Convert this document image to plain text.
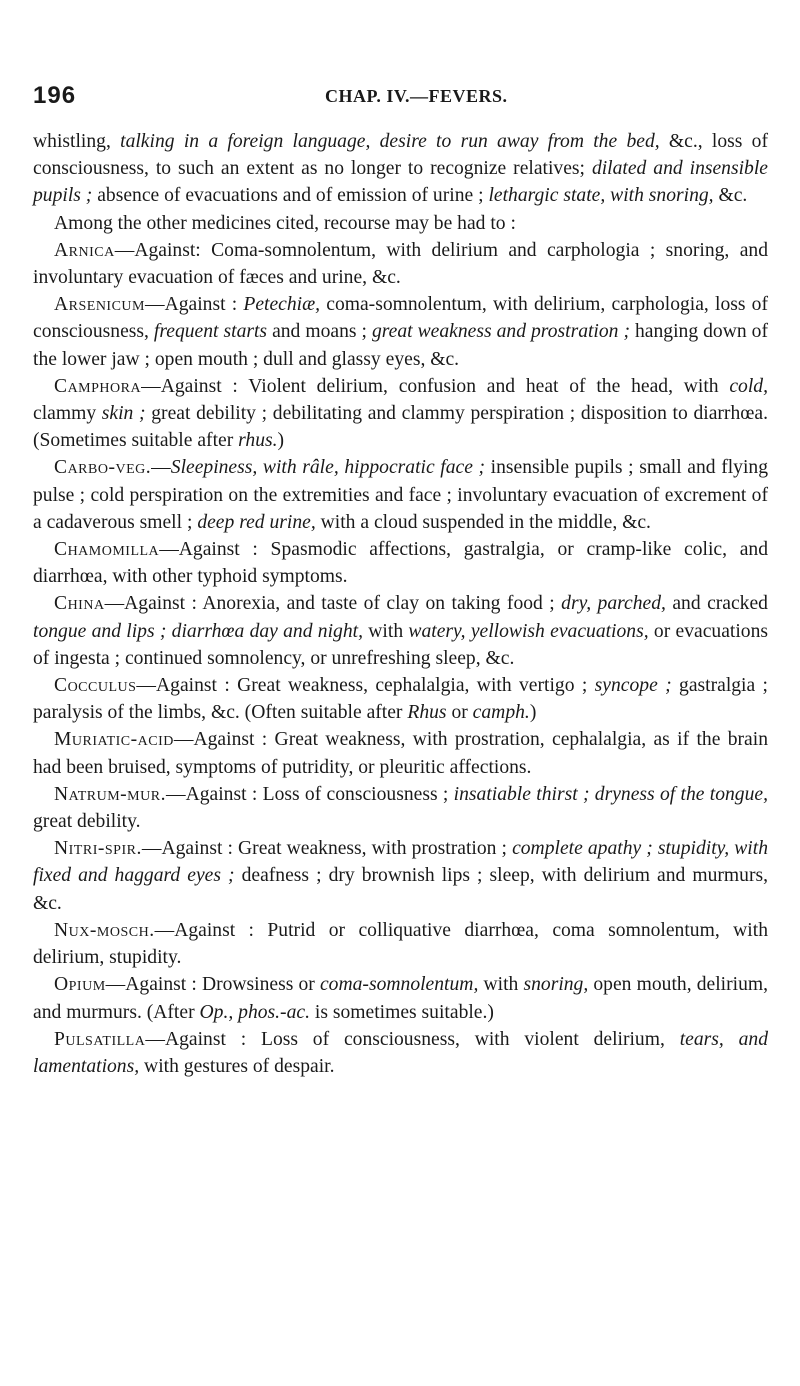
196	CHAP. IV.—FEVERS.

whistling, talking in a foreign language, desire to run away from the bed, &c., loss of consciousness, to such an extent as no longer to recognize relatives; dilated and insensible pupils ; absence of evacuations and of emission of urine ; lethargic state, with snoring, &c.

Among the other medicines cited, recourse may be had to :

Arnica—Against: Coma-somnolentum, with delirium and carphologia ; snoring, and involuntary evacuation of fæces and urine, &c.

Arsenicum—Against : Petechiæ, coma-somnolentum, with delirium, carphologia, loss of consciousness, frequent starts and moans ; great weakness and prostration ; hanging down of the lower jaw ; open mouth ; dull and glassy eyes, &c.

Camphora—Against : Violent delirium, confusion and heat of the head, with cold, clammy skin ; great debility ; debilitating and clammy perspiration ; disposition to diarrhœa. (Sometimes suitable after rhus.)

Carbo-veg.—Sleepiness, with râle, hippocratic face ; insensible pupils ; small and flying pulse ; cold perspiration on the extremities and face ; involuntary evacuation of excrement of a cadaverous smell ; deep red urine, with a cloud suspended in the middle, &c.

Chamomilla—Against : Spasmodic affections, gastralgia, or cramp-like colic, and diarrhœa, with other typhoid symptoms.

China—Against : Anorexia, and taste of clay on taking food ; dry, parched, and cracked tongue and lips ; diarrhœa day and night, with watery, yellowish evacuations, or evacuations of ingesta ; continued somnolency, or unrefreshing sleep, &c.

Cocculus—Against : Great weakness, cephalalgia, with vertigo ; syncope ; gastralgia ; paralysis of the limbs, &c. (Often suitable after Rhus or camph.)

Muriatic-acid—Against : Great weakness, with prostration, cephalalgia, as if the brain had been bruised, symptoms of putridity, or pleuritic affections.

Natrum-mur.—Against : Loss of consciousness ; insatiable thirst ; dryness of the tongue, great debility.

Nitri-spir.—Against : Great weakness, with prostration ; complete apathy ; stupidity, with fixed and haggard eyes ; deafness ; dry brownish lips ; sleep, with delirium and murmurs, &c.

Nux-mosch.—Against : Putrid or colliquative diarrhœa, coma somnolentum, with delirium, stupidity.

Opium—Against : Drowsiness or coma-somnolentum, with snoring, open mouth, delirium, and murmurs. (After Op., phos.-ac. is sometimes suitable.)

Pulsatilla—Against : Loss of consciousness, with violent delirium, tears, and lamentations, with gestures of despair.
